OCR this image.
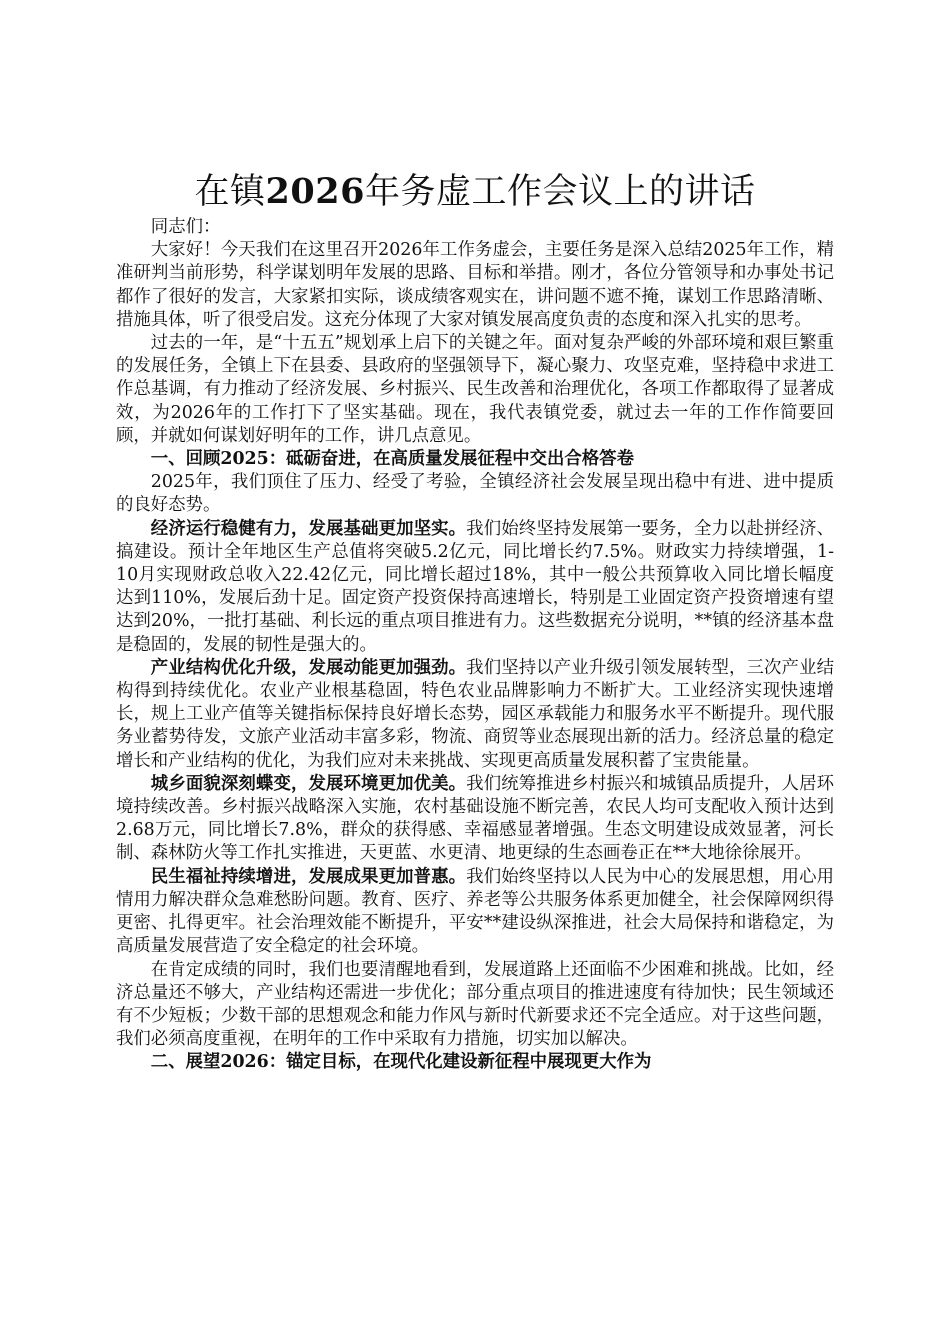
在镇2026年务虚工作会议上的讲话

同志们：

大家好！今天我们在这里召开2026年工作务虚会，主要任务是深入总结2025年工作，精准研判当前形势，科学谋划明年发展的思路、目标和举措。刚才，各位分管领导和办事处书记都作了很好的发言，大家紧扣实际，谈成绩客观实在，讲问题不遮不掩，谋划工作思路清晰、措施具体，听了很受启发。这充分体现了大家对镇发展高度负责的态度和深入扎实的思考。

过去的一年，是“十五五”规划承上启下的关键之年。面对复杂严峻的外部环境和艰巨繁重的发展任务，全镇上下在县委、县政府的坚强领导下，凝心聚力、攻坚克难，坚持稳中求进工作总基调，有力推动了经济发展、乡村振兴、民生改善和治理优化，各项工作都取得了显著成效，为2026年的工作打下了坚实基础。现在，我代表镇党委，就过去一年的工作作简要回顾，并就如何谋划好明年的工作，讲几点意见。

一、回顾2025：砥砺奋进，在高质量发展征程中交出合格答卷

2025年，我们顶住了压力、经受了考验，全镇经济社会发展呈现出稳中有进、进中提质的良好态势。

经济运行稳健有力，发展基础更加坚实。我们始终坚持发展第一要务，全力以赴拼经济、搞建设。预计全年地区生产总值将突破5.2亿元，同比增长约7.5%。财政实力持续增强，1-10月实现财政总收入22.42亿元，同比增长超过18%，其中一般公共预算收入同比增长幅度达到110%，发展后劲十足。固定资产投资保持高速增长，特别是工业固定资产投资增速有望达到20%，一批打基础、利长远的重点项目推进有力。这些数据充分说明，**镇的经济基本盘是稳固的，发展的韧性是强大的。

产业结构优化升级，发展动能更加强劲。我们坚持以产业升级引领发展转型，三次产业结构得到持续优化。农业产业根基稳固，特色农业品牌影响力不断扩大。工业经济实现快速增长，规上工业产值等关键指标保持良好增长态势，园区承载能力和服务水平不断提升。现代服务业蓄势待发，文旅产业活动丰富多彩，物流、商贸等业态展现出新的活力。经济总量的稳定增长和产业结构的优化，为我们应对未来挑战、实现更高质量发展积蓄了宝贵能量。

城乡面貌深刻蝶变，发展环境更加优美。我们统筹推进乡村振兴和城镇品质提升，人居环境持续改善。乡村振兴战略深入实施，农村基础设施不断完善，农民人均可支配收入预计达到2.68万元，同比增长7.8%，群众的获得感、幸福感显著增强。生态文明建设成效显著，河长制、森林防火等工作扎实推进，天更蓝、水更清、地更绿的生态画卷正在**大地徐徐展开。

民生福祉持续增进，发展成果更加普惠。我们始终坚持以人民为中心的发展思想，用心用情用力解决群众急难愁盼问题。教育、医疗、养老等公共服务体系更加健全，社会保障网织得更密、扎得更牢。社会治理效能不断提升，平安**建设纵深推进，社会大局保持和谐稳定，为高质量发展营造了安全稳定的社会环境。

在肯定成绩的同时，我们也要清醒地看到，发展道路上还面临不少困难和挑战。比如，经济总量还不够大，产业结构还需进一步优化；部分重点项目的推进速度有待加快；民生领域还有不少短板；少数干部的思想观念和能力作风与新时代新要求还不完全适应。对于这些问题，我们必须高度重视，在明年的工作中采取有力措施，切实加以解决。

二、展望2026：锚定目标，在现代化建设新征程中展现更大作为
